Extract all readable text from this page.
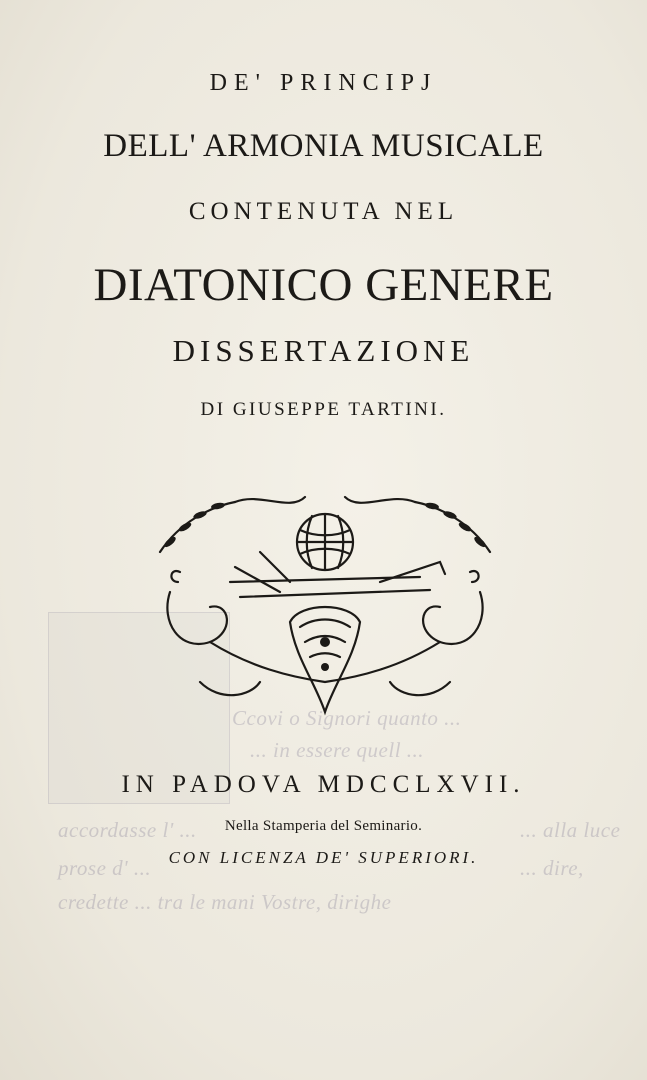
Ccovi o Signori quanto ...
... in essere quell ...
accordasse l' ...	... alla luce
prose d' ...	... dire,
credette ... tra le mani Vostre, dirighe
DE' PRINCIPJ
DELL' ARMONIA MUSICALE
CONTENUTA NEL
DIATONICO GENERE
DISSERTAZIONE
DI GIUSEPPE TARTINI.
IN PADOVA MDCCLXVII.
Nella Stamperia del Seminario.
CON LICENZA DE' SUPERIORI.
